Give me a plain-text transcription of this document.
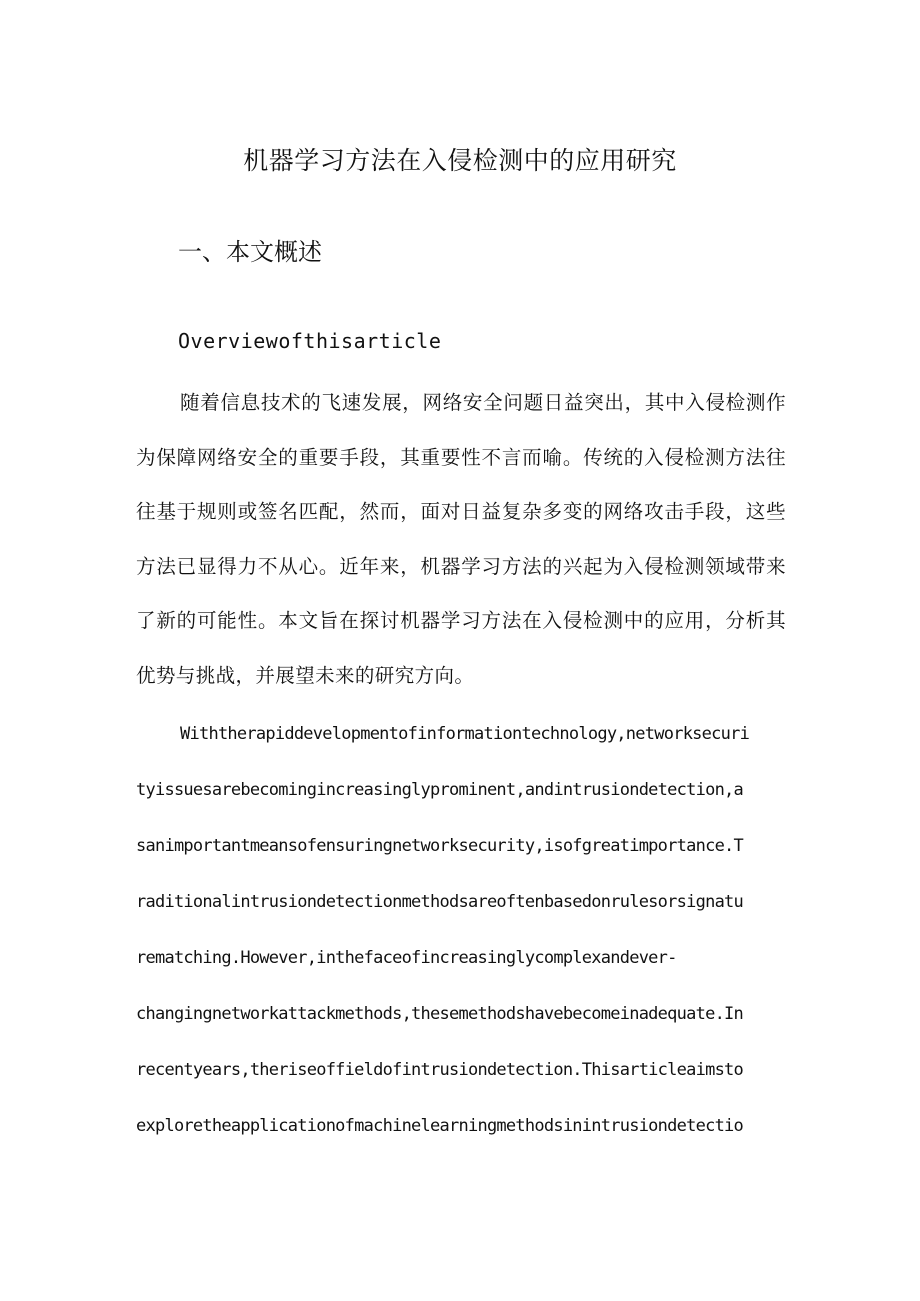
机器学习方法在入侵检测中的应用研究
一、本文概述
Overviewofthisarticle

随着信息技术的飞速发展，网络安全问题日益突出，其中入侵检测作为保障网络安全的重要手段，其重要性不言而喻。传统的入侵检测方法往往基于规则或签名匹配，然而，面对日益复杂多变的网络攻击手段，这些方法已显得力不从心。近年来，机器学习方法的兴起为入侵检测领域带来了新的可能性。本文旨在探讨机器学习方法在入侵检测中的应用，分析其优势与挑战，并展望未来的研究方向。

Withtherapiddevelopmentofinformationtechnology,networksecuri
tyissuesarebecomingincreasinglyprominent,andintrusiondetection,a
sanimportantmeansofensuringnetworksecurity,isofgreatimportance.T
raditionalintrusiondetectionmethodsareoftenbasedonrulesorsignatu
rematching.However,inthefaceofincreasinglycomplexandever-
changingnetworkattackmethods,thesemethodshavebecomeinadequate.In
recentyears,theriseoffieldofintrusiondetection.Thisarticleaimsto
exploretheapplicationofmachinelearningmethodsinintrusiondetectio
